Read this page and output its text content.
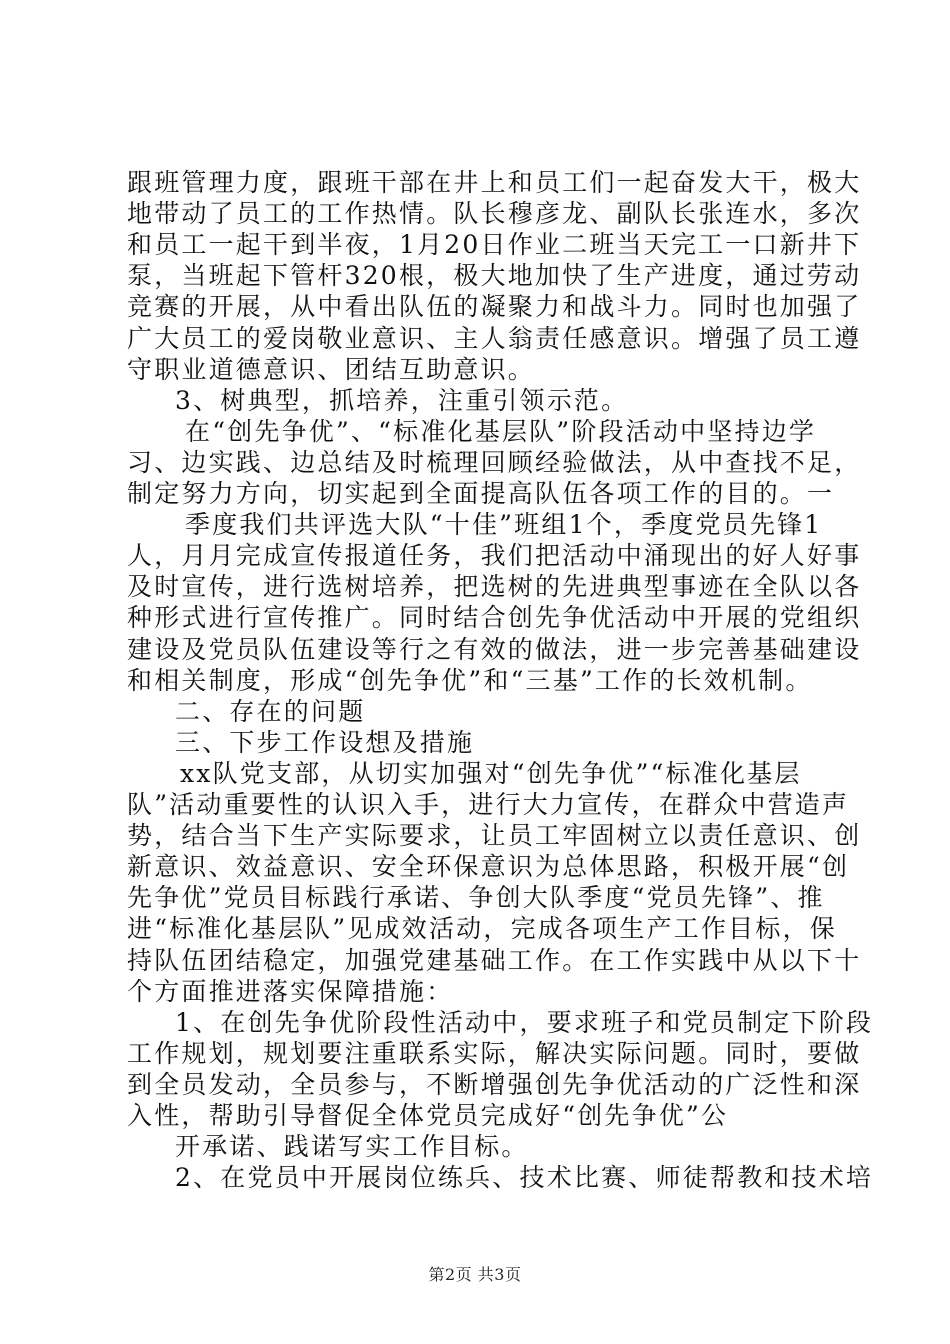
跟班管理力度，跟班干部在井上和员工们一起奋发大干，极大
地带动了员工的工作热情。队长穆彦龙、副队长张连水，多次
和员工一起干到半夜，1月20日作业二班当天完工一口新井下
泵，当班起下管杆320根，极大地加快了生产进度，通过劳动
竞赛的开展，从中看出队伍的凝聚力和战斗力。同时也加强了
广大员工的爱岗敬业意识、主人翁责任感意识。增强了员工遵
守职业道德意识、团结互助意识。
3、树典型，抓培养，注重引领示范。
在“创先争优”、“标准化基层队”阶段活动中坚持边学
习、边实践、边总结及时梳理回顾经验做法，从中查找不足，
制定努力方向，切实起到全面提高队伍各项工作的目的。一
季度我们共评选大队“十佳”班组1个，季度党员先锋1
人，月月完成宣传报道任务，我们把活动中涌现出的好人好事
及时宣传，进行选树培养，把选树的先进典型事迹在全队以各
种形式进行宣传推广。同时结合创先争优活动中开展的党组织
建设及党员队伍建设等行之有效的做法，进一步完善基础建设
和相关制度，形成“创先争优”和“三基”工作的长效机制。
二、存在的问题
三、下步工作设想及措施
xx队党支部，从切实加强对“创先争优”“标准化基层
队”活动重要性的认识入手，进行大力宣传，在群众中营造声
势，结合当下生产实际要求，让员工牢固树立以责任意识、创
新意识、效益意识、安全环保意识为总体思路，积极开展“创
先争优”党员目标践行承诺、争创大队季度“党员先锋”、推
进“标准化基层队”见成效活动，完成各项生产工作目标，保
持队伍团结稳定，加强党建基础工作。在工作实践中从以下十
个方面推进落实保障措施：
1、在创先争优阶段性活动中，要求班子和党员制定下阶段
工作规划，规划要注重联系实际，解决实际问题。同时，要做
到全员发动，全员参与，不断增强创先争优活动的广泛性和深
入性，帮助引导督促全体党员完成好“创先争优”公
开承诺、践诺写实工作目标。
2、在党员中开展岗位练兵、技术比赛、师徒帮教和技术培
第2页 共3页
